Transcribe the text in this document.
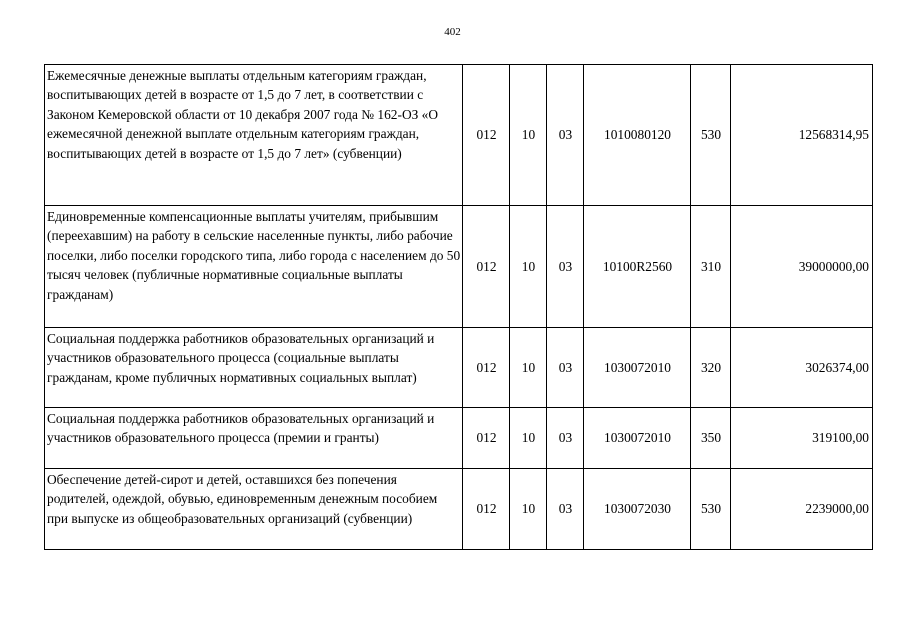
402
Ежемесячные денежные выплаты отдельным категориям граждан, воспитывающих детей в возрасте от 1,5 до 7 лет, в соответствии с Законом Кемеровской области от 10 декабря 2007 года № 162-ОЗ «О ежемесячной денежной выплате отдельным категориям граждан, воспитывающих детей в возрасте от 1,5 до 7 лет» (субвенции)	012	10	03	1010080120	530	12568314,95
Единовременные компенсационные выплаты учителям, прибывшим (переехавшим) на работу в сельские населенные пункты, либо рабочие поселки, либо поселки городского типа, либо города с населением до 50 тысяч человек (публичные нормативные социальные выплаты гражданам)	012	10	03	10100R2560	310	39000000,00
Социальная поддержка работников образовательных организаций и участников образовательного процесса (социальные выплаты гражданам, кроме публичных нормативных социальных выплат)	012	10	03	1030072010	320	3026374,00
Социальная поддержка работников образовательных организаций и участников образовательного процесса (премии и гранты)	012	10	03	1030072010	350	319100,00
Обеспечение детей-сирот и детей, оставшихся без попечения родителей, одеждой, обувью, единовременным денежным пособием при выпуске из общеобразовательных организаций (субвенции)	012	10	03	1030072030	530	2239000,00
